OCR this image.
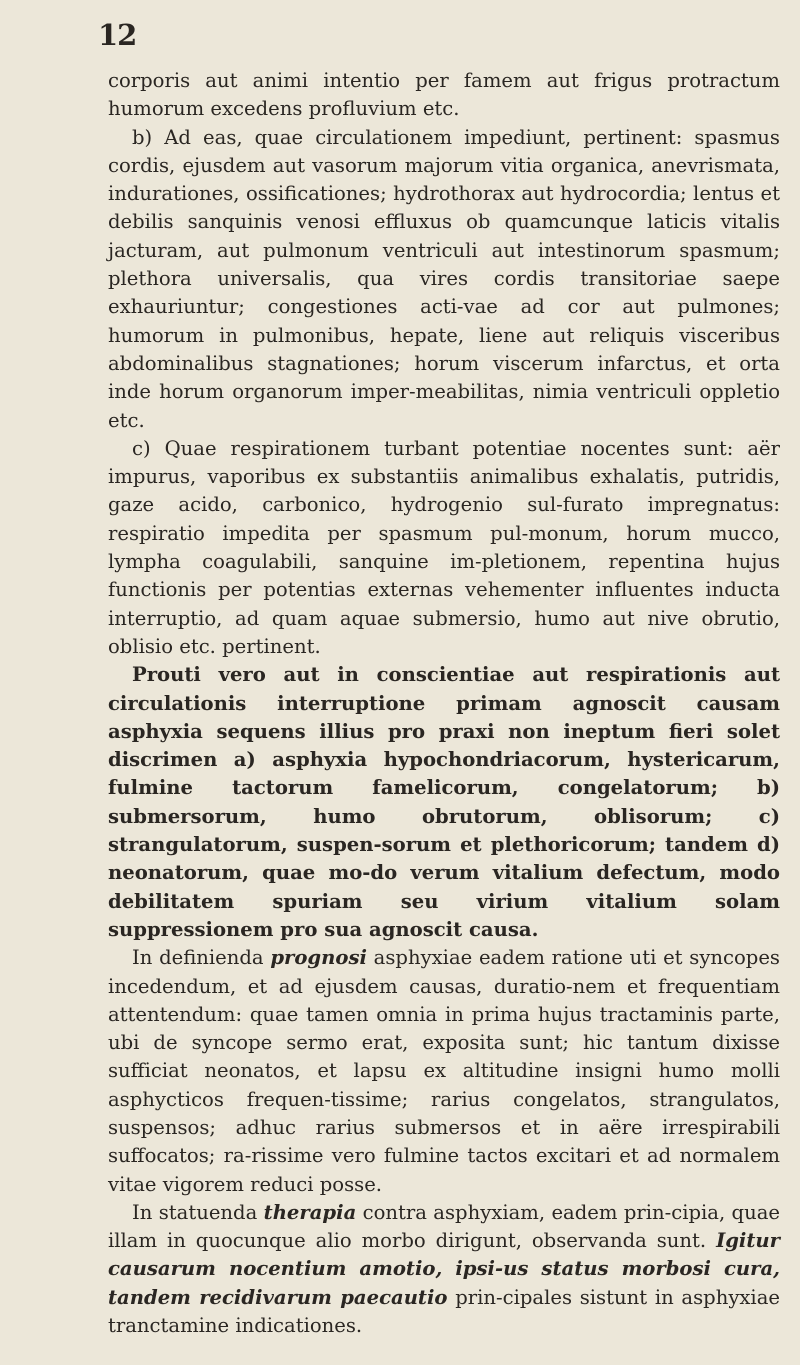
12

corporis aut animi intentio per famem aut frigus protractum humorum excedens profluvium etc.

b) Ad eas, quae circulationem impediunt, pertinent: spasmus cordis, ejusdem aut vasorum majorum vitia organica, anevrismata, indurationes, ossificationes; hydrothorax aut hydrocordia; lentus et debilis sanquinis venosi effluxus ob quamcunque laticis vitalis jacturam, aut pulmonum ventriculi aut intestinorum spasmum; plethora universalis, qua vires cordis transitoriae saepe exhauriuntur; congestiones acti-vae ad cor aut pulmones; humorum in pulmonibus, hepate, liene aut reliquis visceribus abdominalibus stagnationes; horum viscerum infarctus, et orta inde horum organorum imper-meabilitas, nimia ventriculi oppletio etc.

c) Quae respirationem turbant potentiae nocentes sunt: aër impurus, vaporibus ex substantiis animalibus exhalatis, putridis, gaze acido, carbonico, hydrogenio sul-furato impregnatus: respiratio impedita per spasmum pul-monum, horum mucco, lympha coagulabili, sanquine im-pletionem, repentina hujus functionis per potentias externas vehementer influentes inducta interruptio, ad quam aquae submersio, humo aut nive obrutio, oblisio etc. pertinent.

Prouti vero aut in conscientiae aut respirationis aut circulationis interruptione primam agnoscit causam asphyxia sequens illius pro praxi non ineptum fieri solet discrimen a) asphyxia hypochondriacorum, hystericarum, fulmine tactorum famelicorum, congelatorum; b) submersorum, humo obrutorum, oblisorum; c) strangulatorum, suspen-sorum et plethoricorum; tandem d) neonatorum, quae mo-do verum vitalium defectum, modo debilitatem spuriam seu virium vitalium solam suppressionem pro sua agnoscit causa.

In definienda prognosi asphyxiae eadem ratione uti et syncopes incedendum, et ad ejusdem causas, duratio-nem et frequentiam attentendum: quae tamen omnia in prima hujus tractaminis parte, ubi de syncope sermo erat, exposita sunt; hic tantum dixisse sufficiat neonatos, et lapsu ex altitudine insigni humo molli asphycticos frequen-tissime; rarius congelatos, strangulatos, suspensos; adhuc rarius submersos et in aëre irrespirabili suffocatos; ra-rissime vero fulmine tactos excitari et ad normalem vitae vigorem reduci posse.

In statuenda therapia contra asphyxiam, eadem prin-cipia, quae illam in quocunque alio morbo dirigunt, observanda sunt. Igitur causarum nocentium amotio, ipsi-us status morbosi cura, tandem recidivarum paecautio prin-cipales sistunt in asphyxiae tranctamine indicationes.
